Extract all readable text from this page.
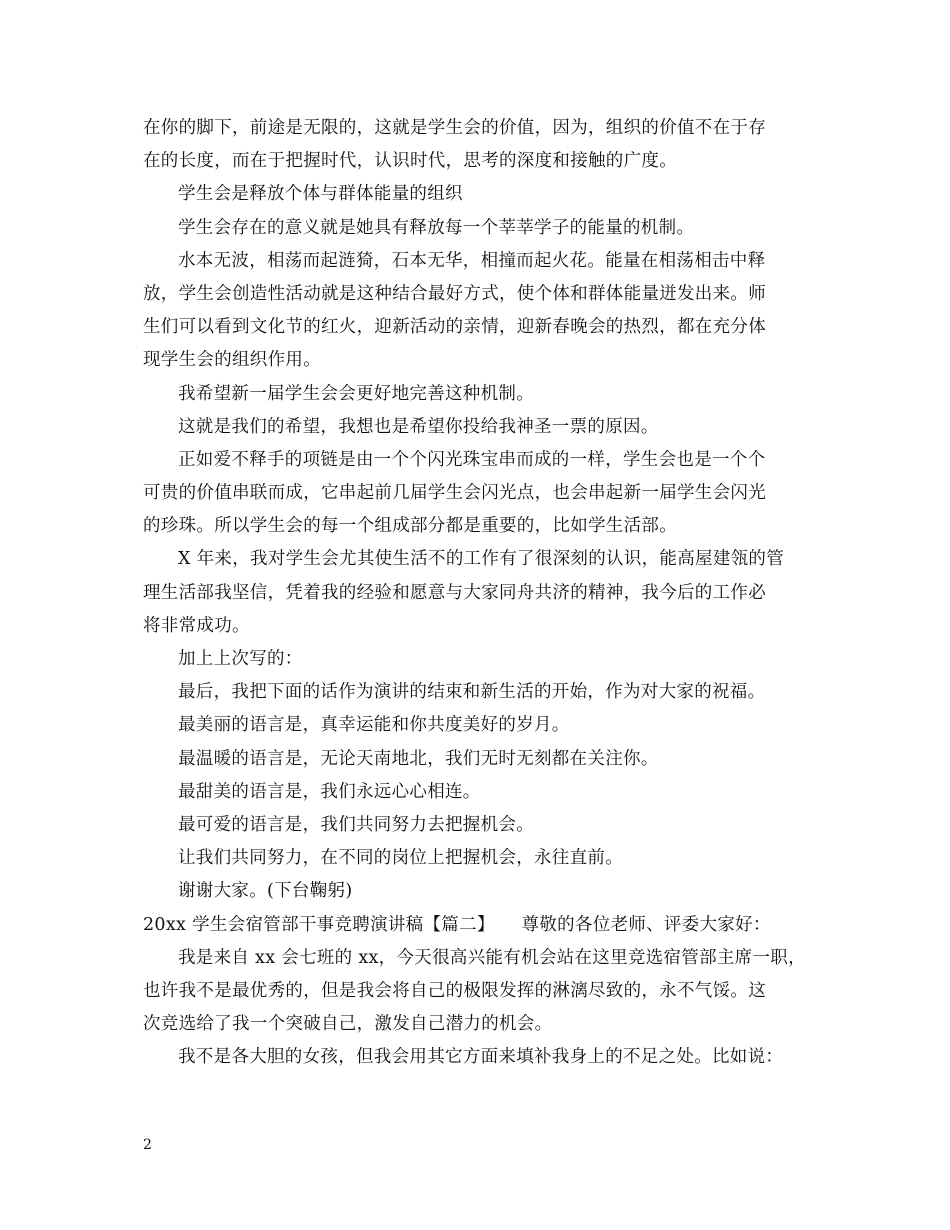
在你的脚下，前途是无限的，这就是学生会的价值，因为，组织的价值不在于存
在的长度，而在于把握时代，认识时代，思考的深度和接触的广度。
学生会是释放个体与群体能量的组织
学生会存在的意义就是她具有释放每一个莘莘学子的能量的机制。
水本无波，相荡而起涟猗，石本无华，相撞而起火花。能量在相荡相击中释
放，学生会创造性活动就是这种结合最好方式，使个体和群体能量迸发出来。师
生们可以看到文化节的红火，迎新活动的亲情，迎新春晚会的热烈，都在充分体
现学生会的组织作用。
我希望新一届学生会会更好地完善这种机制。
这就是我们的希望，我想也是希望你投给我神圣一票的原因。
正如爱不释手的项链是由一个个闪光珠宝串而成的一样，学生会也是一个个
可贵的价值串联而成，它串起前几届学生会闪光点，也会串起新一届学生会闪光
的珍珠。所以学生会的每一个组成部分都是重要的，比如学生活部。
X 年来，我对学生会尤其使生活不的工作有了很深刻的认识，能高屋建瓴的管
理生活部我坚信，凭着我的经验和愿意与大家同舟共济的精神，我今后的工作必
将非常成功。
加上上次写的：
最后，我把下面的话作为演讲的结束和新生活的开始，作为对大家的祝福。
最美丽的语言是，真幸运能和你共度美好的岁月。
最温暖的语言是，无论天南地北，我们无时无刻都在关注你。
最甜美的语言是，我们永远心心相连。
最可爱的语言是，我们共同努力去把握机会。
让我们共同努力，在不同的岗位上把握机会，永往直前。
谢谢大家。(下台鞠躬)
20xx 学生会宿管部干事竞聘演讲稿【篇二】　　尊敬的各位老师、评委大家好：
我是来自 xx 会七班的 xx，今天很高兴能有机会站在这里竞选宿管部主席一职，
也许我不是最优秀的，但是我会将自己的极限发挥的淋漓尽致的，永不气馁。这
次竞选给了我一个突破自己，激发自己潜力的机会。
我不是各大胆的女孩，但我会用其它方面来填补我身上的不足之处。比如说：
2
